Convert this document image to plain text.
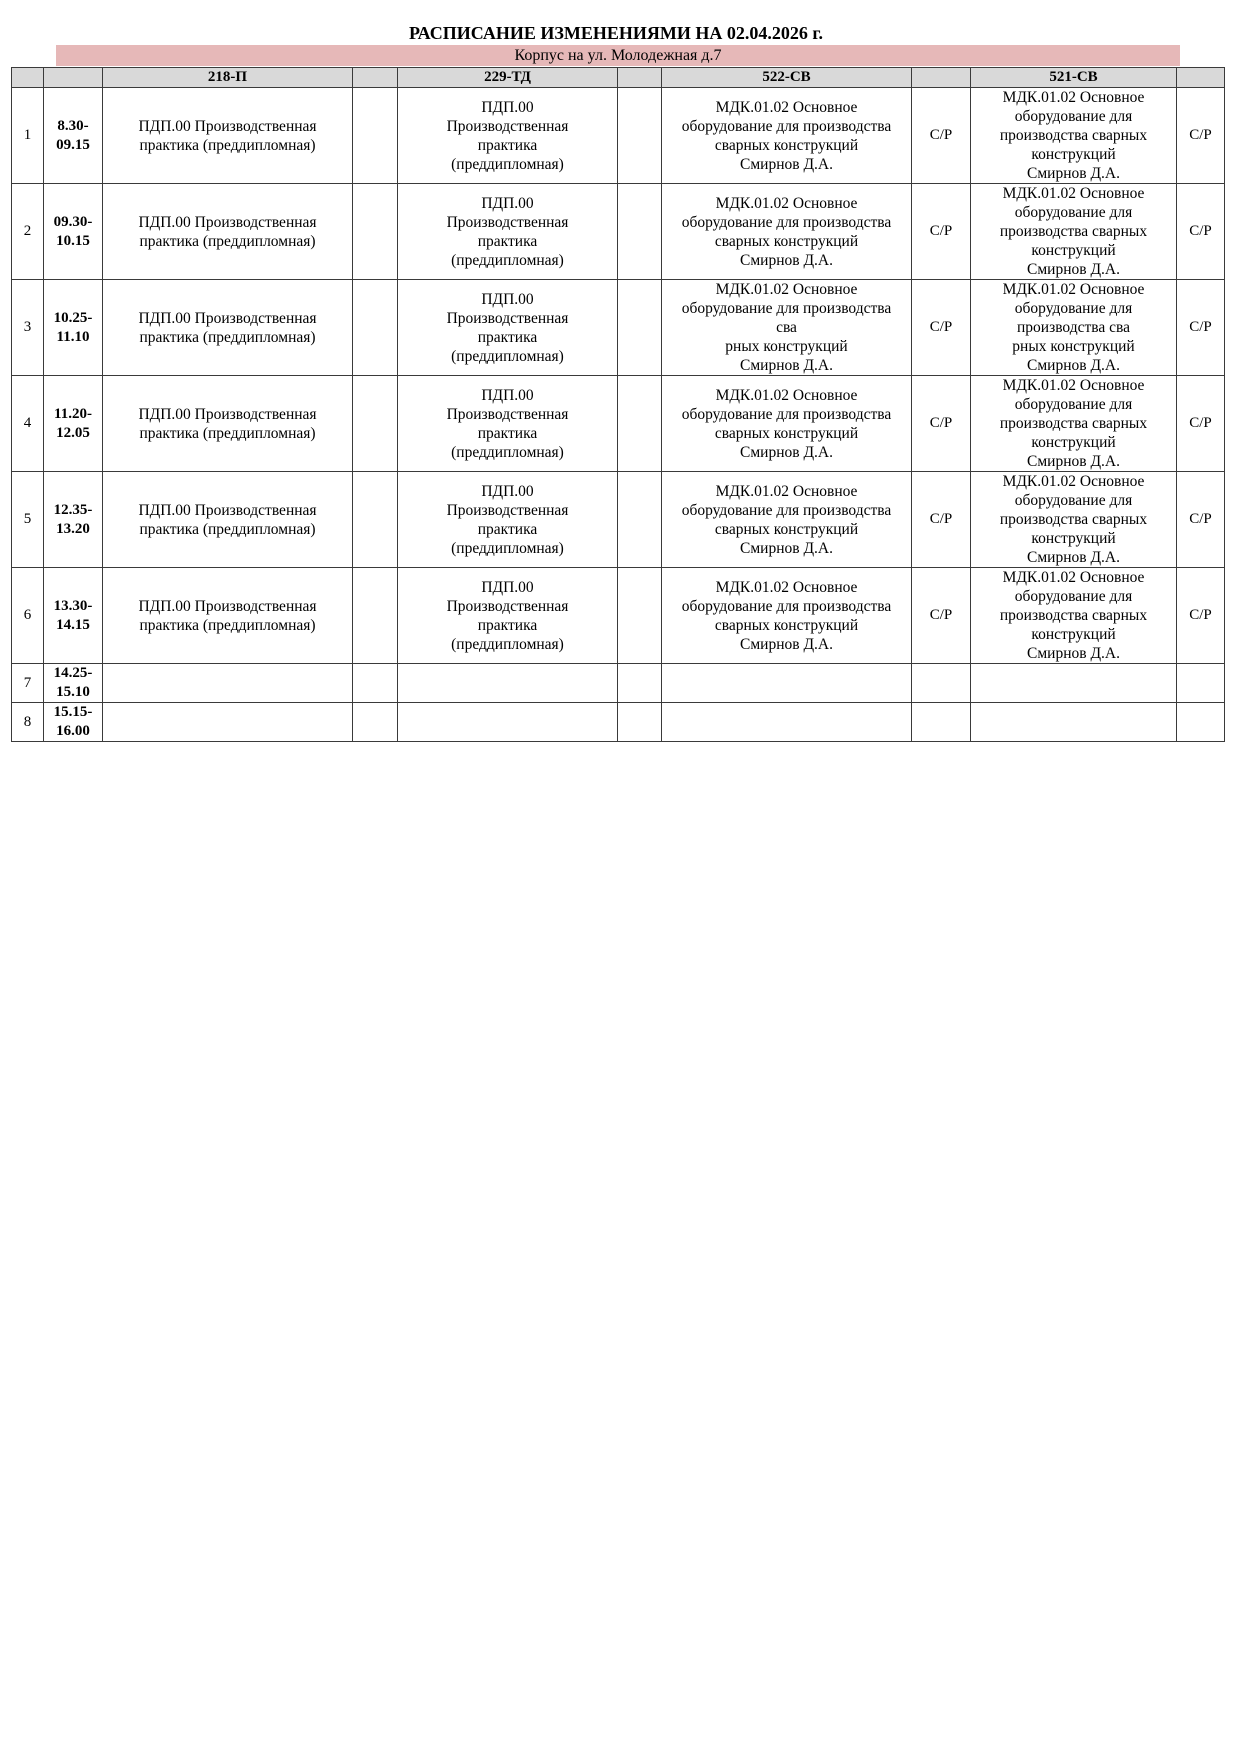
РАСПИСАНИЕ ИЗМЕНЕНИЯМИ НА 02.04.2026 г.
Корпус на ул. Молодежная д.7
		218-П		229-ТД		522-СВ		521-СВ	
1	8.30-
09.15	ПДП.00 Производственная
практика (преддипломная)		ПДП.00
Производственная
практика
(преддипломная)		МДК.01.02 Основное
оборудование для производства
сварных конструкций
Смирнов Д.А.	С/Р	МДК.01.02 Основное
оборудование для
производства сварных
конструкций
Смирнов Д.А.	С/Р
2	09.30-
10.15	ПДП.00 Производственная
практика (преддипломная)		ПДП.00
Производственная
практика
(преддипломная)		МДК.01.02 Основное
оборудование для производства
сварных конструкций
Смирнов Д.А.	С/Р	МДК.01.02 Основное
оборудование для
производства сварных
конструкций
Смирнов Д.А.	С/Р
3	10.25-
11.10	ПДП.00 Производственная
практика (преддипломная)		ПДП.00
Производственная
практика
(преддипломная)		МДК.01.02 Основное
оборудование для производства
сва
рных конструкций
Смирнов Д.А.	С/Р	МДК.01.02 Основное
оборудование для
производства сва
рных конструкций
Смирнов Д.А.	С/Р
4	11.20-
12.05	ПДП.00 Производственная
практика (преддипломная)		ПДП.00
Производственная
практика
(преддипломная)		МДК.01.02 Основное
оборудование для производства
сварных конструкций
Смирнов Д.А.	С/Р	МДК.01.02 Основное
оборудование для
производства сварных
конструкций
Смирнов Д.А.	С/Р
5	12.35-
13.20	ПДП.00 Производственная
практика (преддипломная)		ПДП.00
Производственная
практика
(преддипломная)		МДК.01.02 Основное
оборудование для производства
сварных конструкций
Смирнов Д.А.	С/Р	МДК.01.02 Основное
оборудование для
производства сварных
конструкций
Смирнов Д.А.	С/Р
6	13.30-
14.15	ПДП.00 Производственная
практика (преддипломная)		ПДП.00
Производственная
практика
(преддипломная)		МДК.01.02 Основное
оборудование для производства
сварных конструкций
Смирнов Д.А.	С/Р	МДК.01.02 Основное
оборудование для
производства сварных
конструкций
Смирнов Д.А.	С/Р
7	14.25-
15.10								
8	15.15-
16.00								
